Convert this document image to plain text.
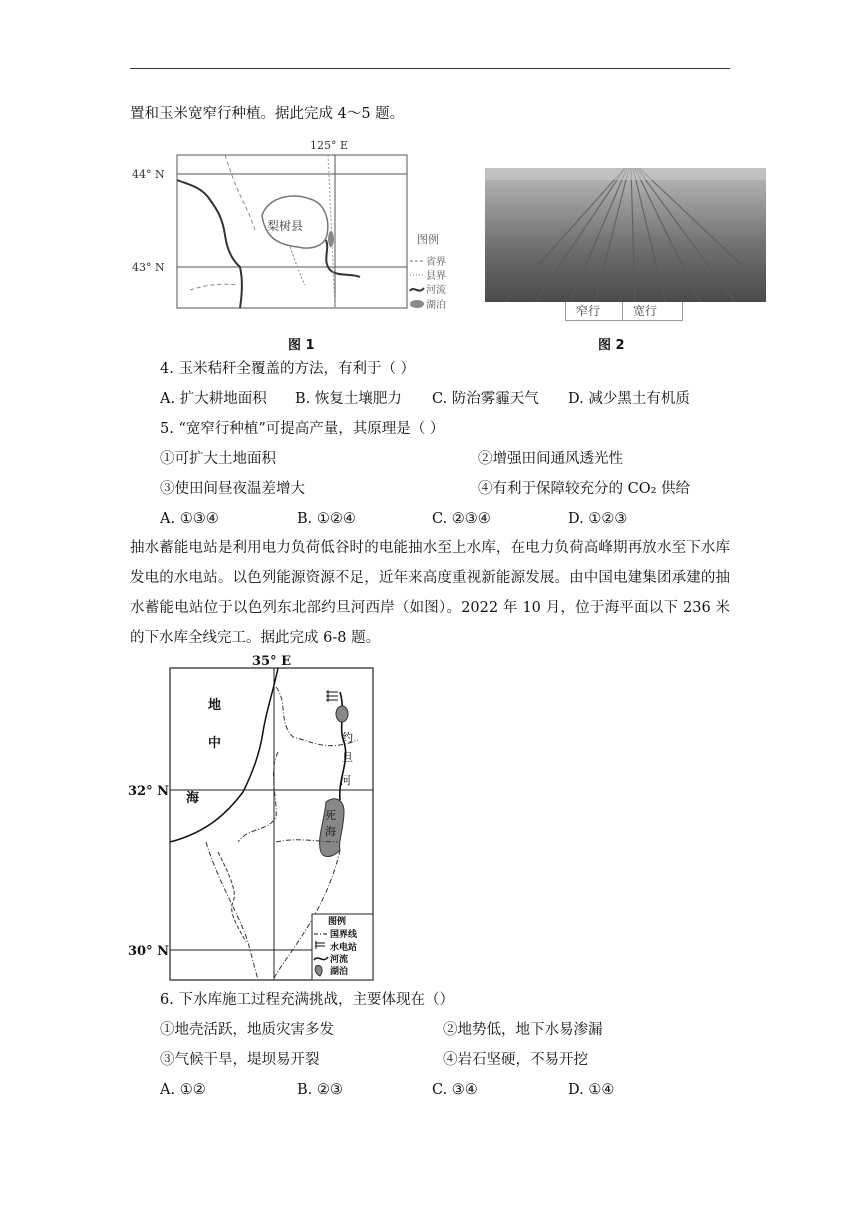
置和玉米宽窄行种植。据此完成 4～5 题。
125° E
44° N
43° N
梨树县
图例
省界
县界
河流
湖泊	窄行	宽行
图 1	图 2
4. 玉米秸秆全覆盖的方法，有利于（ ）
A. 扩大耕地面积 B. 恢复土壤肥力 C. 防治雾霾天气 D. 减少黑土有机质
5. “宽窄行种植”可提高产量，其原理是（ ）
①可扩大土地面积	②增强田间通风透光性
③使田间昼夜温差增大	④有利于保障较充分的 CO₂ 供给
A. ①③④	B. ①②④	C. ②③④	D. ①②③
抽水蓄能电站是利用电力负荷低谷时的电能抽水至上水库，在电力负荷高峰期再放水至下水库发电的水电站。以色列能源资源不足，近年来高度重视新能源发展。由中国电建集团承建的抽水蓄能电站位于以色列东北部约旦河西岸（如图）。2022 年 10 月，位于海平面以下 236 米的下水库全线完工。据此完成 6-8 题。
35° E
32° N
30° N
地
中
海
约
旦
河
死
海
图例
国界线
水电站
河流
湖泊
6. 下水库施工过程充满挑战，主要体现在（）
①地壳活跃，地质灾害多发	②地势低，地下水易渗漏
③气候干旱，堤坝易开裂	④岩石坚硬，不易开挖
A. ①②	B. ②③	C. ③④	D. ①④
